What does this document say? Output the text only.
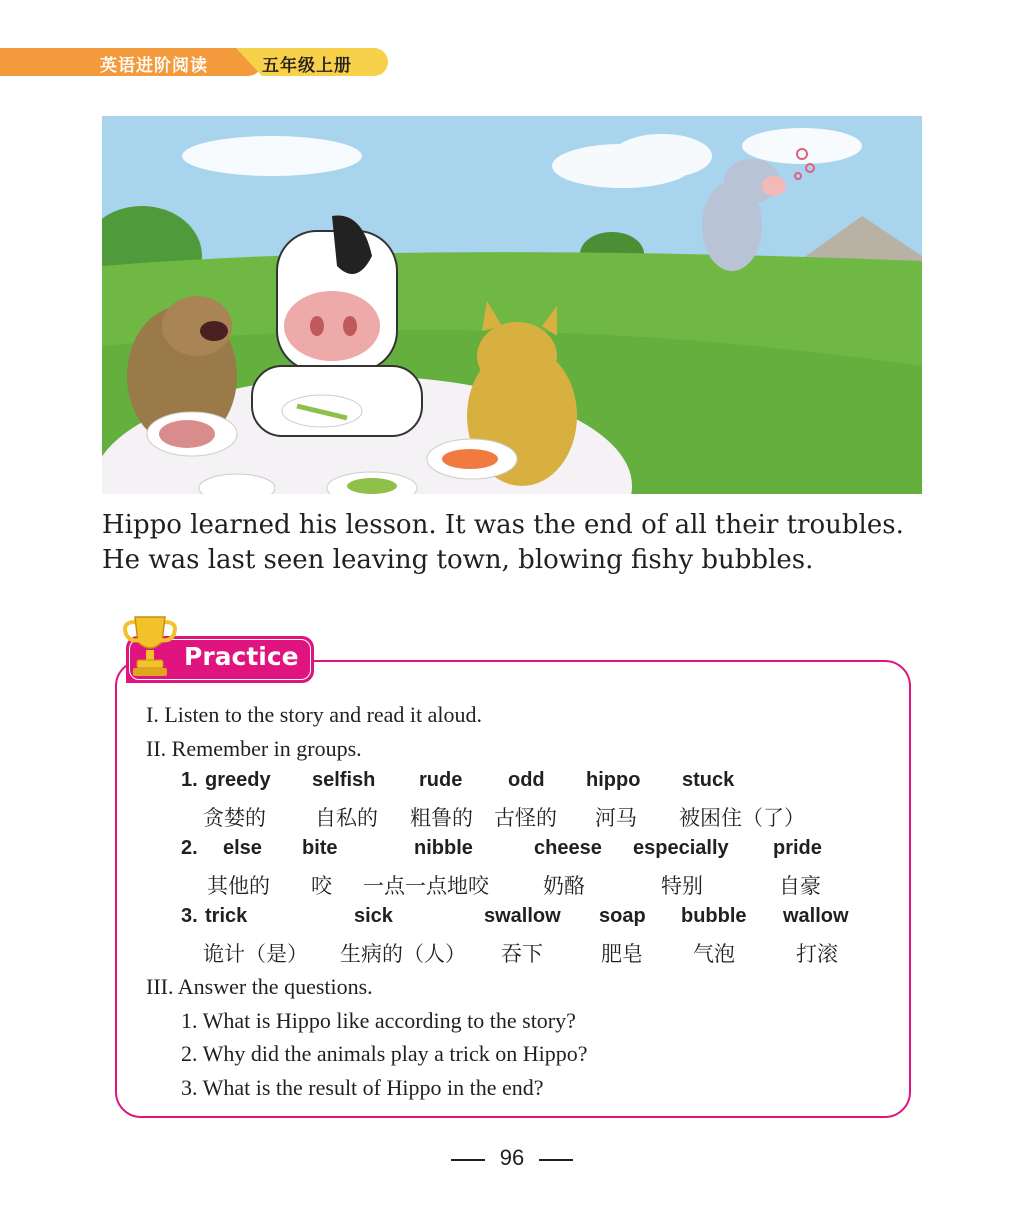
英语进阶阅读	五年级上册
Hippo learned his lesson. It was the end of all their troubles.
He was last seen leaving town, blowing fishy bubbles.
Practice
I. Listen to the story and read it aloud.
II. Remember in groups.
1. greedy selfish rude odd hippo stuck
贪婪的 自私的 粗鲁的 古怪的 河马 被困住（了）
2. else bite	nibble	cheese especially pride
其他的 咬 一点一点地咬	奶酪	特别	自豪
3. trick	sick	swallow soap bubble wallow
诡计（是） 生病的（人） 吞下	肥皂 气泡	打滚
III. Answer the questions.
1. What is Hippo like according to the story?
2. Why did the animals play a trick on Hippo?
3. What is the result of Hippo in the end?
96
